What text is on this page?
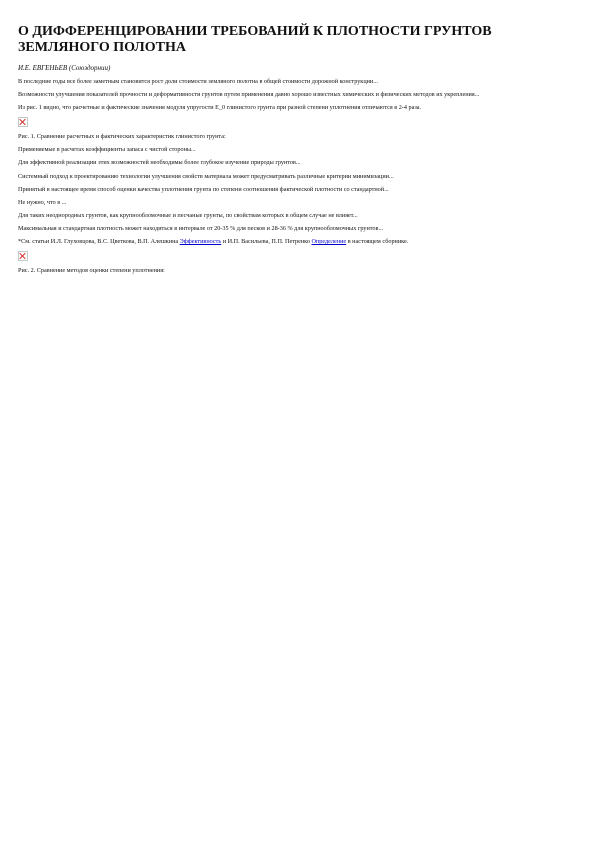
О ДИФФЕРЕНЦИРОВАНИИ ТРЕБОВАНИЙ К ПЛОТНОСТИ ГРУНТОВ ЗЕМЛЯНОГО ПОЛОТНА
И.Е. ЕВГЕНЬЕВ (Союздорнии)

В последние годы все более заметным становится рост доли стоимости земляного полотна в общей стоимости дорожной конструкции...

Возможности улучшения показателей прочности и деформативности грунтов путем применения давно хорошо известных химических и физических методов их укрепления...

Из рис. 1 видно, что расчетные и фактические значения модуля упругости E_0 глинистого грунта при разной степени уплотнения отличаются в 2-4 раза.

Рис. 1. Сравнение расчетных и фактических характеристик глинистого грунта:

Применяемые в расчетах коэффициенты запаса с чистой стороны...

Для эффективной реализации этих возможностей необходимы более глубокое изучение природы грунтов...

Системный подход к проектированию технологии улучшения свойств материала может предусматривать различные критерии минимизации...

Принятый в настоящее время способ оценки качества уплотнения грунта по степени соотношения фактической плотности со стандартной...

Не нужно, что в ...

Для таких неоднородных грунтов, как крупнообломочные и песчаные грунты, по свойствам которых в общем случае не влияет...

Максимальная и стандартная плотность может находиться в интервале от 20-35 % для песков и 28-36 % для крупнообломочных грунтов...

*См. статьи И.Л. Глуховцова, В.С. Цветкова, В.П. Алешкина Эффективность и И.П. Васильева, П.П. Петренко Определение в настоящем сборнике.

Рис. 2. Сравнение методов оценки степени уплотнения:
